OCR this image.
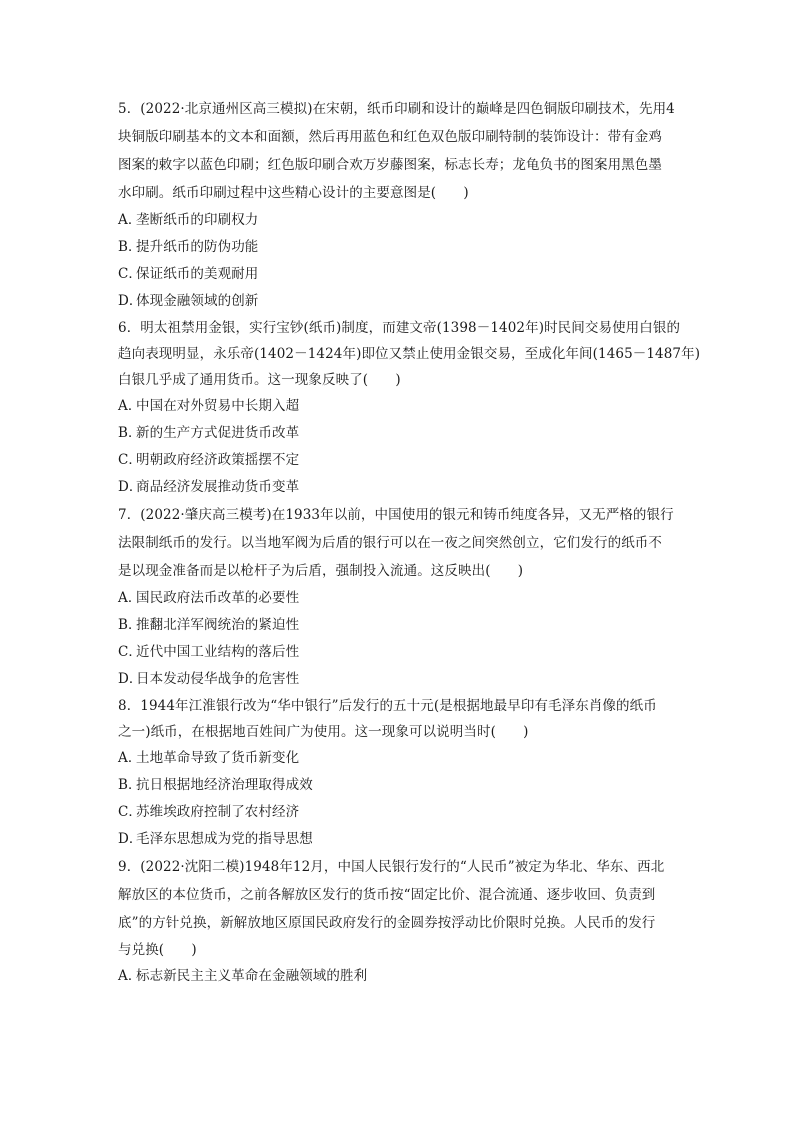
5．(2022·北京通州区高三模拟)在宋朝，纸币印刷和设计的巅峰是四色铜版印刷技术，先用4
块铜版印刷基本的文本和面额，然后再用蓝色和红色双色版印刷特制的装饰设计：带有金鸡
图案的敕字以蓝色印刷；红色版印刷合欢万岁藤图案，标志长寿；龙龟负书的图案用黑色墨
水印刷。纸币印刷过程中这些精心设计的主要意图是(　　)
A．垄断纸币的印刷权力
B．提升纸币的防伪功能
C．保证纸币的美观耐用
D．体现金融领域的创新
6．明太祖禁用金银，实行宝钞(纸币)制度，而建文帝(1398－1402年)时民间交易使用白银的
趋向表现明显，永乐帝(1402－1424年)即位又禁止使用金银交易，至成化年间(1465－1487年)
白银几乎成了通用货币。这一现象反映了(　　)
A．中国在对外贸易中长期入超
B．新的生产方式促进货币改革
C．明朝政府经济政策摇摆不定
D．商品经济发展推动货币变革
7．(2022·肇庆高三模考)在1933年以前，中国使用的银元和铸币纯度各异，又无严格的银行
法限制纸币的发行。以当地军阀为后盾的银行可以在一夜之间突然创立，它们发行的纸币不
是以现金准备而是以枪杆子为后盾，强制投入流通。这反映出(　　)
A．国民政府法币改革的必要性
B．推翻北洋军阀统治的紧迫性
C．近代中国工业结构的落后性
D．日本发动侵华战争的危害性
8．1944年江淮银行改为“华中银行”后发行的五十元(是根据地最早印有毛泽东肖像的纸币
之一)纸币，在根据地百姓间广为使用。这一现象可以说明当时(　　)
A．土地革命导致了货币新变化
B．抗日根据地经济治理取得成效
C．苏维埃政府控制了农村经济
D．毛泽东思想成为党的指导思想
9．(2022·沈阳二模)1948年12月，中国人民银行发行的“人民币”被定为华北、华东、西北
解放区的本位货币，之前各解放区发行的货币按“固定比价、混合流通、逐步收回、负责到
底”的方针兑换，新解放地区原国民政府发行的金圆券按浮动比价限时兑换。人民币的发行
与兑换(　　)
A．标志新民主主义革命在金融领域的胜利
